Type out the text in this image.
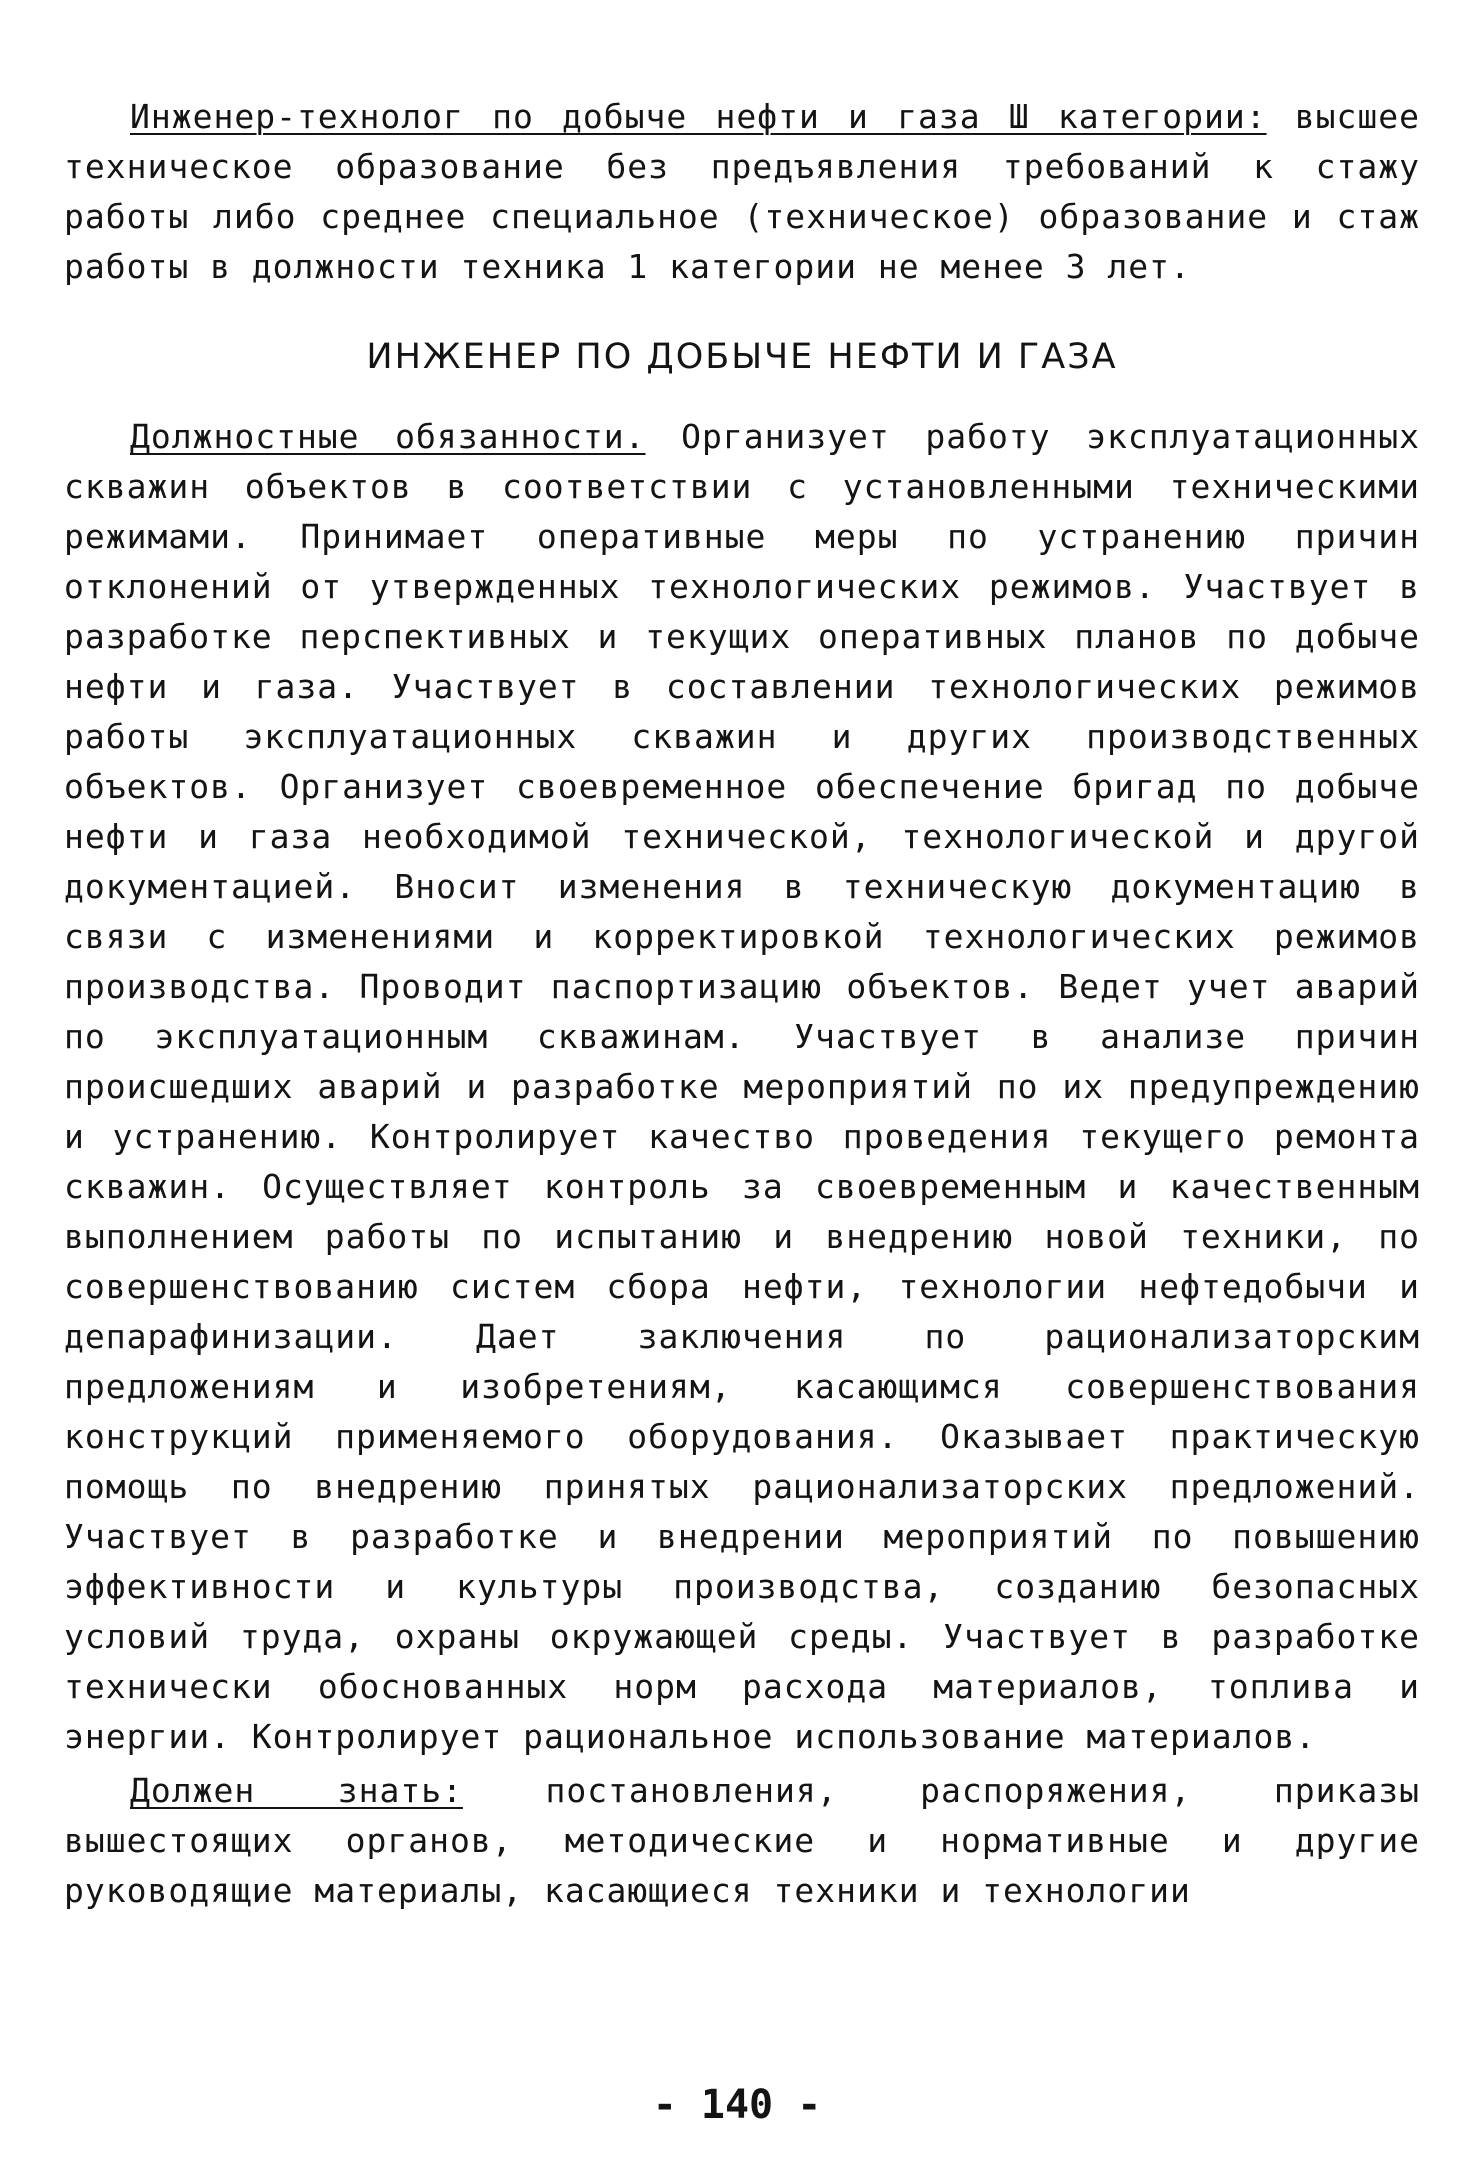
Инженер-технолог по добыче нефти и газа Ш категории: высшее техническое образование без предъявления требований к стажу работы либо среднее специальное (техническое) образование и стаж работы в должности техника 1 категории не менее 3 лет.

ИНЖЕНЕР ПО ДОБЫЧЕ НЕФТИ И ГАЗА

Должностные обязанности. Организует работу эксплуатационных скважин объектов в соответствии с установленными техническими режимами. Принимает оперативные меры по устранению причин отклонений от утвержденных технологических режимов. Участвует в разработке перспективных и текущих оперативных планов по добыче нефти и газа. Участвует в составлении технологических режимов работы эксплуатационных скважин и других производственных объектов. Организует своевременное обеспечение бригад по добыче нефти и газа необходимой технической, технологической и другой документацией. Вносит изменения в техническую документацию в связи с изменениями и корректировкой технологических режимов производства. Проводит паспортизацию объектов. Ведет учет аварий по эксплуатационным скважинам. Участвует в анализе причин происшедших аварий и разработке мероприятий по их предупреждению и устранению. Контролирует качество проведения текущего ремонта скважин. Осуществляет контроль за своевременным и качественным выполнением работы по испытанию и внедрению новой техники, по совершенствованию систем сбора нефти, технологии нефтедобычи и депарафинизации. Дает заключения по рационализаторским предложениям и изобретениям, касающимся совершенствования конструкций применяемого оборудования. Оказывает практическую помощь по внедрению принятых рационализаторских предложений. Участвует в разработке и внедрении мероприятий по повышению эффективности и культуры производства, созданию безопасных условий труда, охраны окружающей среды. Участвует в разработке технически обоснованных норм расхода материалов, топлива и энергии. Контролирует рациональное использование материалов.

Должен знать: постановления, распоряжения, приказы вышестоящих органов, методические и нормативные и другие руководящие материалы, касающиеся техники и технологии

- 140 -
